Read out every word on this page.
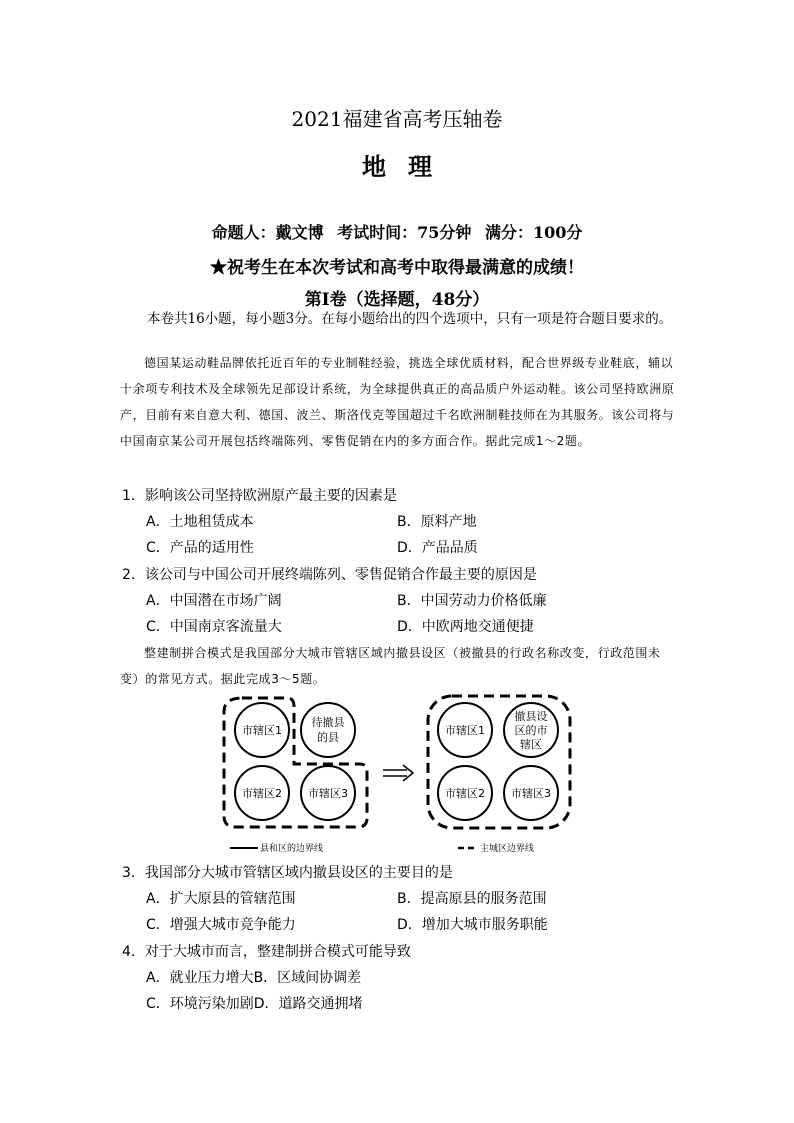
2021福建省高考压轴卷
地理
命题人：戴文博 考试时间：75分钟 满分：100分
★祝考生在本次考试和高考中取得最满意的成绩！
第Ⅰ卷（选择题，48分）
本卷共16小题，每小题3分。在每小题给出的四个选项中，只有一项是符合题目要求的。
德国某运动鞋品牌依托近百年的专业制鞋经验，挑选全球优质材料，配合世界级专业鞋底，辅以十余项专利技术及全球领先足部设计系统，为全球提供真正的高品质户外运动鞋。该公司坚持欧洲原产，目前有来自意大利、德国、波兰、斯洛伐克等国超过千名欧洲制鞋技师在为其服务。该公司将与中国南京某公司开展包括终端陈列、零售促销在内的多方面合作。据此完成1～2题。
1．影响该公司坚持欧洲原产最主要的因素是
A．土地租赁成本	B．原料产地
C．产品的适用性	D．产品品质
2．该公司与中国公司开展终端陈列、零售促销合作最主要的原因是
A．中国潜在市场广阔	B．中国劳动力价格低廉
C．中国南京客流量大	D．中欧两地交通便捷
整建制拼合模式是我国部分大城市管辖区域内撤县设区（被撤县的行政名称改变，行政范围未变）的常见方式。据此完成3～5题。
市辖区1
待撤县
的县
市辖区2 市辖区3
市辖区1
撤县设
区的市
辖区
市辖区2 市辖区3
县和区的边界线	主城区边界线
3．我国部分大城市管辖区域内撤县设区的主要目的是
A．扩大原县的管辖范围	B．提高原县的服务范围
C．增强大城市竞争能力	D．增加大城市服务职能
4．对于大城市而言，整建制拼合模式可能导致
A．就业压力增大B．区域间协调差
C．环境污染加剧D．道路交通拥堵
